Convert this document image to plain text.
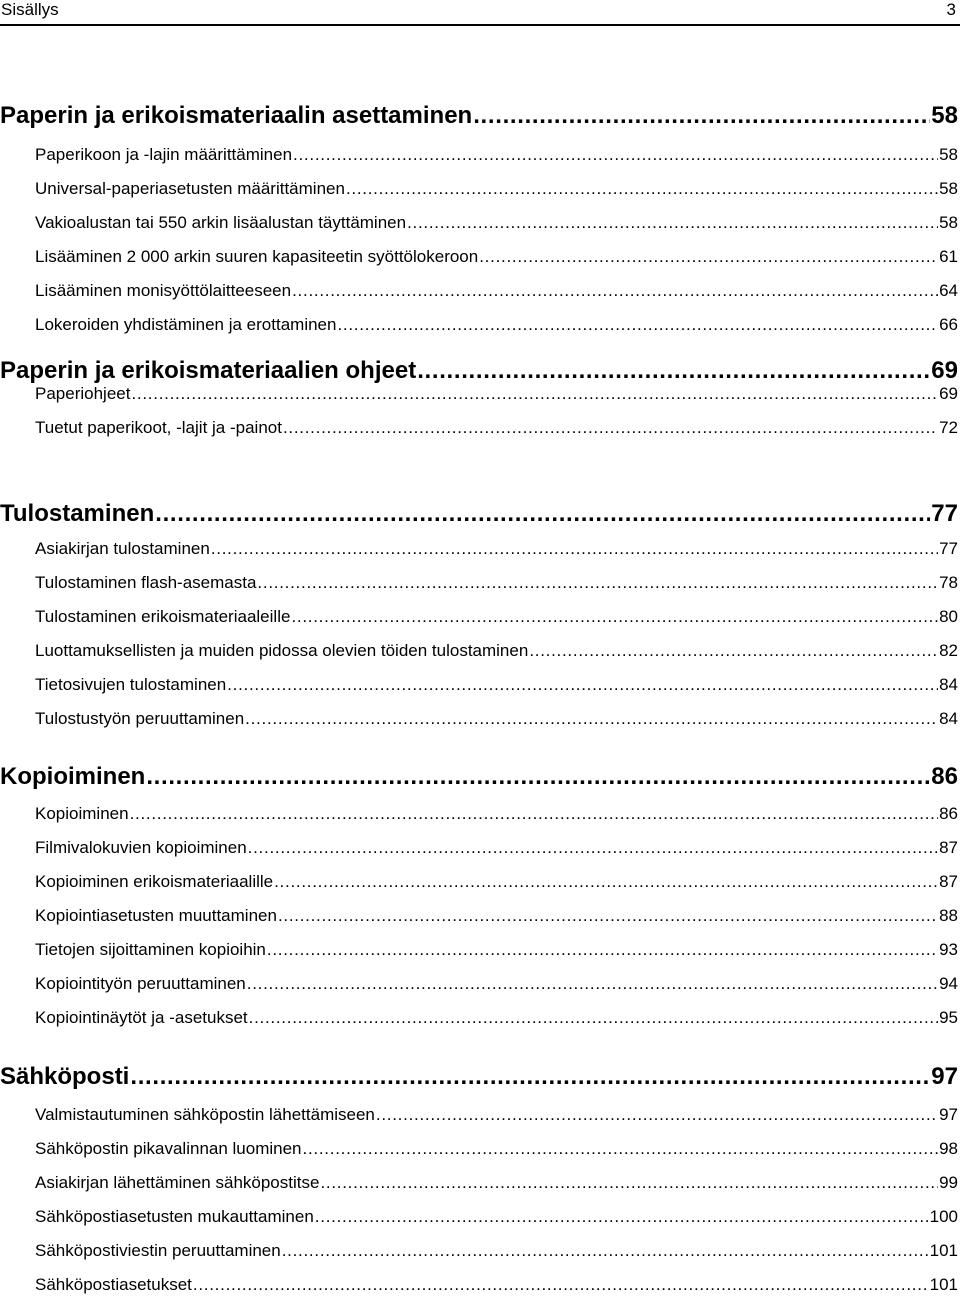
Sisällys	3
Paperin ja erikoismateriaalin asettaminen . . .	58
Paperikoon ja -lajin määrittäminen . . .	58
Universal-paperiasetusten määrittäminen . . .	58
Vakioalustan tai 550 arkin lisäalustan täyttäminen . . .	58
Lisääminen 2 000 arkin suuren kapasiteetin syöttölokeroon . . .	61
Lisääminen monisyöttölaitteeseen . . .	64
Lokeroiden yhdistäminen ja erottaminen . . .	66
Paperin ja erikoismateriaalien ohjeet . . .	69
Paperiohjeet . . .	69
Tuetut paperikoot, -lajit ja -painot . . .	72
Tulostaminen . . .	77
Asiakirjan tulostaminen . . .	77
Tulostaminen flash-asemasta . . .	78
Tulostaminen erikoismateriaaleille . . .	80
Luottamuksellisten ja muiden pidossa olevien töiden tulostaminen . . .	82
Tietosivujen tulostaminen . . .	84
Tulostustyön peruuttaminen . . .	84
Kopioiminen . . .	86
Kopioiminen . . .	86
Filmivalokuvien kopioiminen . . .	87
Kopioiminen erikoismateriaalille . . .	87
Kopiointiasetusten muuttaminen . . .	88
Tietojen sijoittaminen kopioihin . . .	93
Kopiointityön peruuttaminen . . .	94
Kopiointinäytöt ja -asetukset . . .	95
Sähköposti . . .	97
Valmistautuminen sähköpostin lähettämiseen . . .	97
Sähköpostin pikavalinnan luominen . . .	98
Asiakirjan lähettäminen sähköpostitse . . .	99
Sähköpostiasetusten mukauttaminen . . .	100
Sähköpostiviestin peruuttaminen . . .	101
Sähköpostiasetukset . . .	101
